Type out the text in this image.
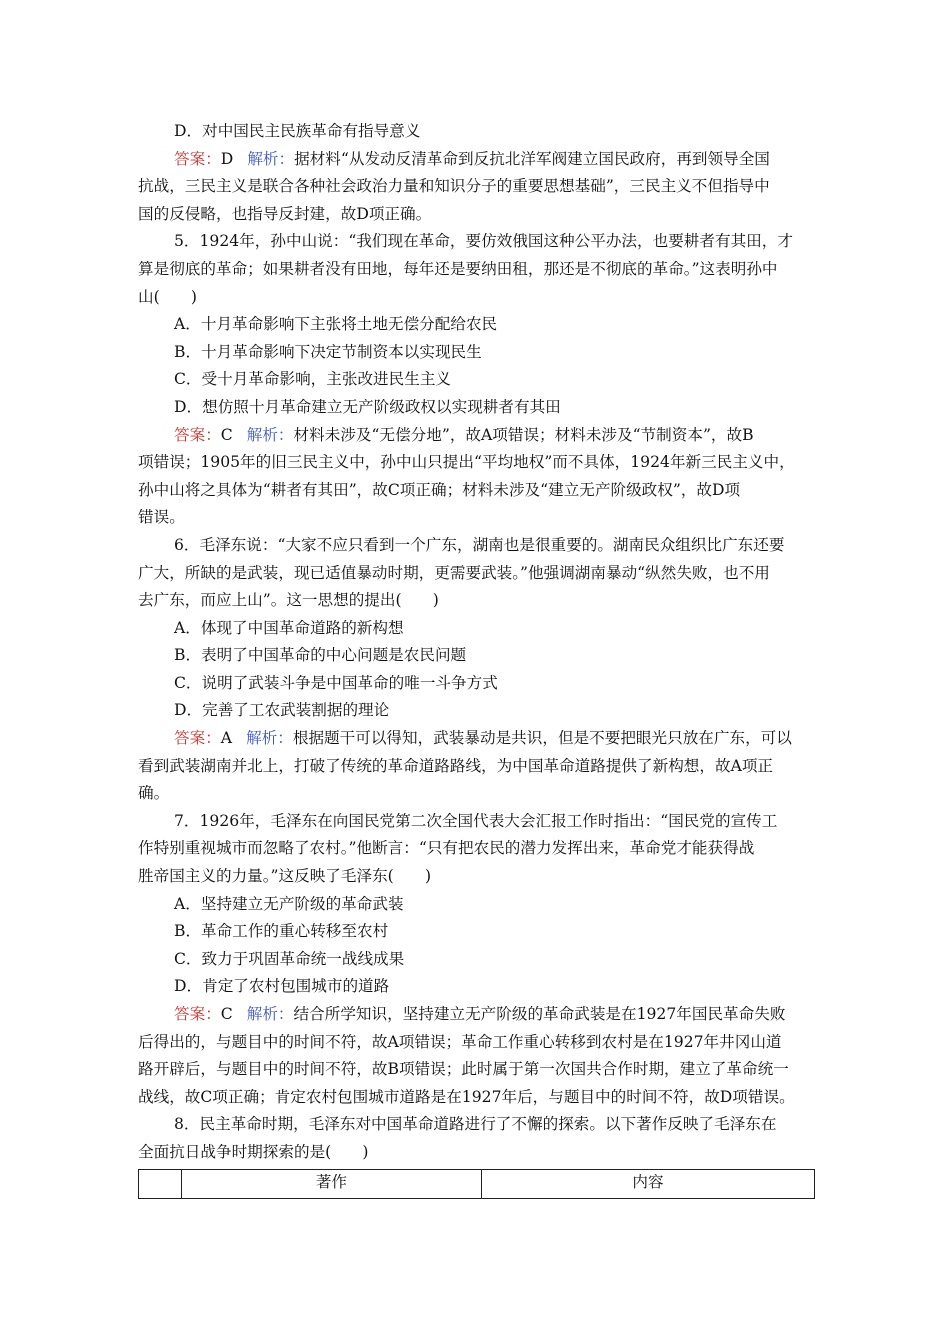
D．对中国民主民族革命有指导意义
答案：D 解析：据材料“从发动反清革命到反抗北洋军阀建立国民政府，再到领导全国
抗战，三民主义是联合各种社会政治力量和知识分子的重要思想基础”，三民主义不但指导中
国的反侵略，也指导反封建，故D项正确。
5．1924年，孙中山说：“我们现在革命，要仿效俄国这种公平办法，也要耕者有其田，才
算是彻底的革命；如果耕者没有田地，每年还是要纳田租，那还是不彻底的革命。”这表明孙中
山(　　)
A．十月革命影响下主张将土地无偿分配给农民
B．十月革命影响下决定节制资本以实现民生
C．受十月革命影响，主张改进民生主义
D．想仿照十月革命建立无产阶级政权以实现耕者有其田
答案：C 解析：材料未涉及“无偿分地”，故A项错误；材料未涉及“节制资本”，故B
项错误；1905年的旧三民主义中，孙中山只提出“平均地权”而不具体，1924年新三民主义中，
孙中山将之具体为“耕者有其田”，故C项正确；材料未涉及“建立无产阶级政权”，故D项
错误。
6．毛泽东说：“大家不应只看到一个广东，湖南也是很重要的。湖南民众组织比广东还要
广大，所缺的是武装，现已适值暴动时期，更需要武装。”他强调湖南暴动“纵然失败，也不用
去广东，而应上山”。这一思想的提出(　　)
A．体现了中国革命道路的新构想
B．表明了中国革命的中心问题是农民问题
C．说明了武装斗争是中国革命的唯一斗争方式
D．完善了工农武装割据的理论
答案：A 解析：根据题干可以得知，武装暴动是共识，但是不要把眼光只放在广东，可以
看到武装湖南并北上，打破了传统的革命道路路线，为中国革命道路提供了新构想，故A项正
确。
7．1926年，毛泽东在向国民党第二次全国代表大会汇报工作时指出：“国民党的宣传工
作特别重视城市而忽略了农村。”他断言：“只有把农民的潜力发挥出来，革命党才能获得战
胜帝国主义的力量。”这反映了毛泽东(　　)
A．坚持建立无产阶级的革命武装
B．革命工作的重心转移至农村
C．致力于巩固革命统一战线成果
D．肯定了农村包围城市的道路
答案：C 解析：结合所学知识，坚持建立无产阶级的革命武装是在1927年国民革命失败
后得出的，与题目中的时间不符，故A项错误；革命工作重心转移到农村是在1927年井冈山道
路开辟后，与题目中的时间不符，故B项错误；此时属于第一次国共合作时期，建立了革命统一
战线，故C项正确；肯定农村包围城市道路是在1927年后，与题目中的时间不符，故D项错误。
8．民主革命时期，毛泽东对中国革命道路进行了不懈的探索。以下著作反映了毛泽东在
全面抗日战争时期探索的是(　　)
	著作	内容
